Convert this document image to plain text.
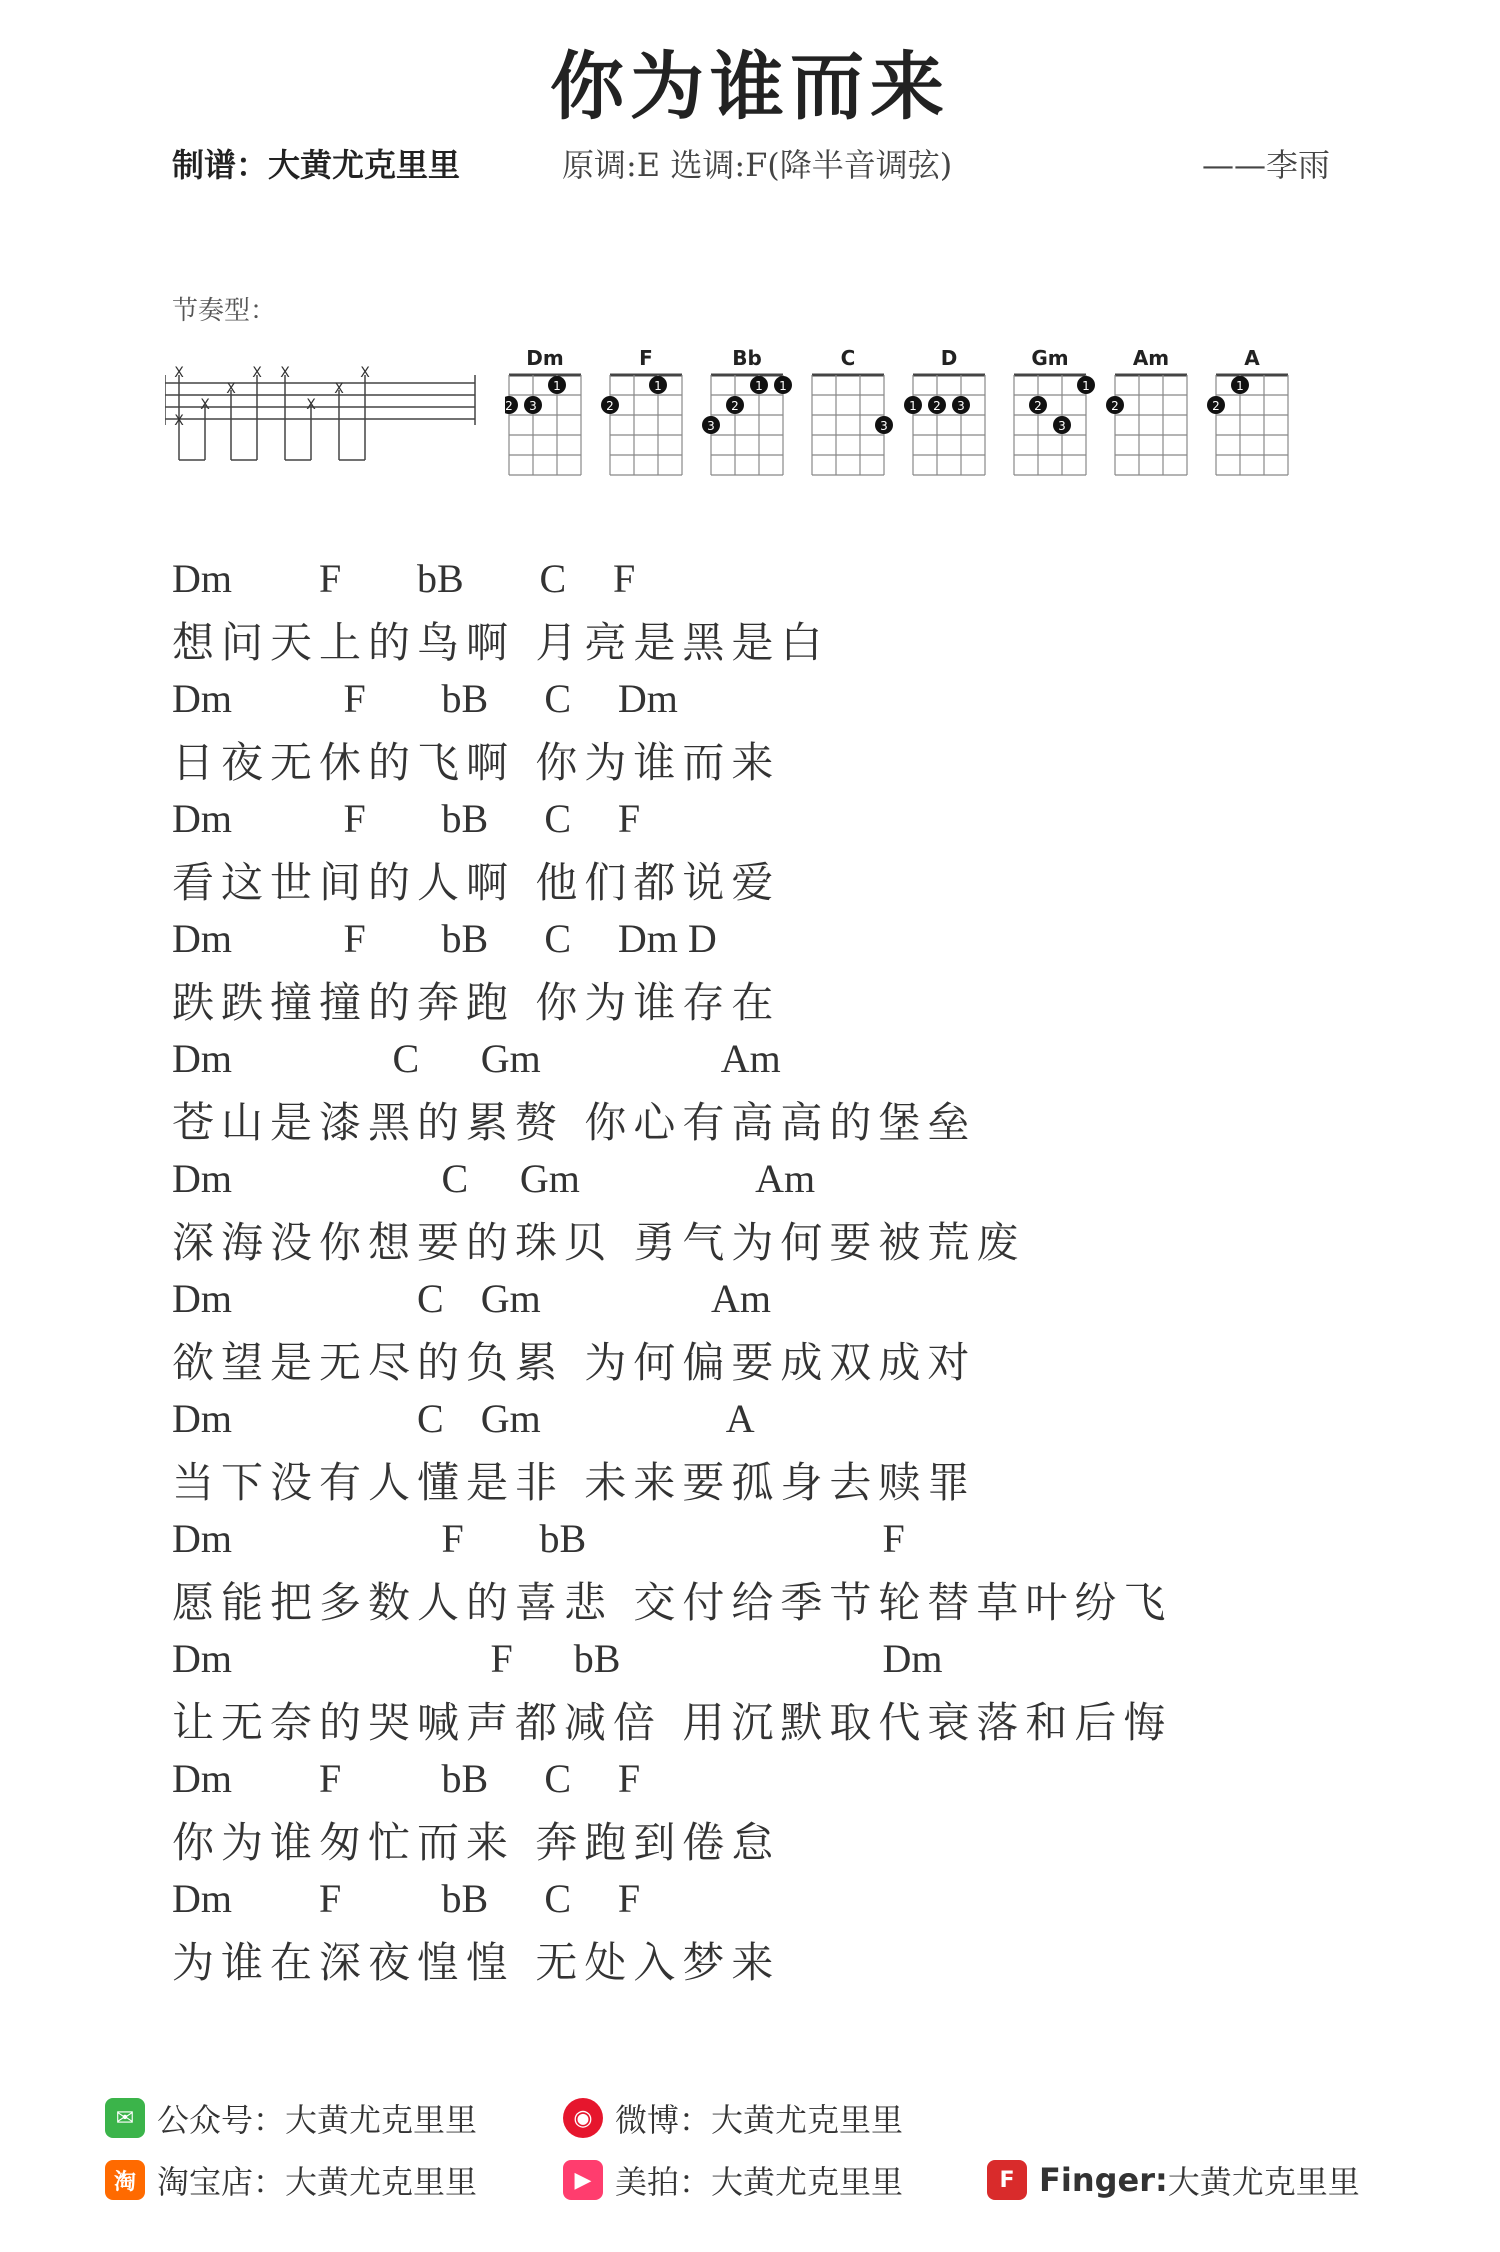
你为谁而来
制谱：大黄尤克里里	原调:E 选调:F(降半音调弦)	——李雨
节奏型：
X
X
X
X
X X
X
X
X
Dm
2 3
1
F
2
1
Bb
3
2
1 1
C
3
D
1 2 3
Gm
2
3
1
Am
2
A
2
1
Dm F bB C F
想问天上的鸟啊 月亮是黑是白
Dm	F bB C Dm
日夜无休的飞啊 你为谁而来
Dm	F bB C F
看这世间的人啊 他们都说爱
Dm	F bB C Dm D
跌跌撞撞的奔跑 你为谁存在
Dm	C Gm	Am
苍山是漆黑的累赘 你心有高高的堡垒
Dm	C Gm	Am
深海没你想要的珠贝 勇气为何要被荒废
Dm	C Gm	Am
欲望是无尽的负累 为何偏要成双成对
Dm	C Gm	A
当下没有人懂是非 未来要孤身去赎罪
Dm	F bB	F
愿能把多数人的喜悲 交付给季节轮替草叶纷飞
Dm	F bB	Dm
让无奈的哭喊声都减倍 用沉默取代衰落和后悔
Dm F	bB C F
你为谁匆忙而来 奔跑到倦怠
Dm F	bB C F
为谁在深夜惶惶 无处入梦来
✉ 公众号：大黄尤克里里	◉ 微博：大黄尤克里里
淘 淘宝店：大黄尤克里里	▶ 美拍：大黄尤克里里	F Finger: 大黄尤克里里
